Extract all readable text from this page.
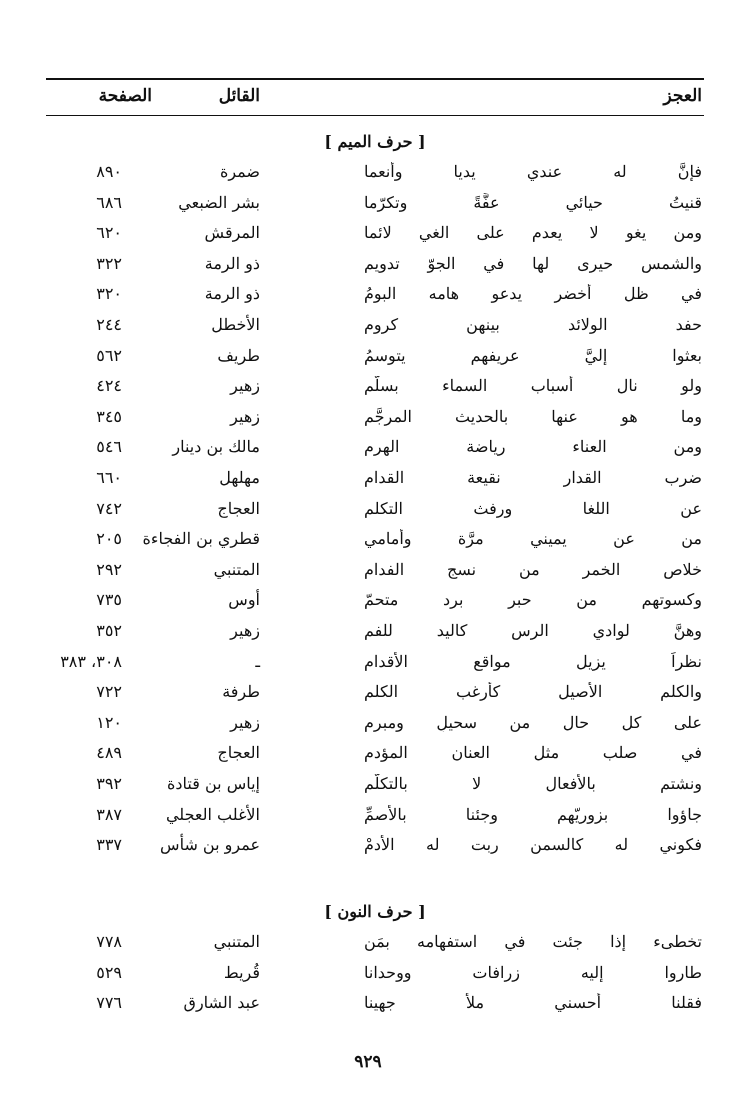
العجز
القائل
الصفحة
[ حرف الميم ]
فإنَّ له عندي يديا وأنعما
ضمرة
٨٩٠
قنيتُ حيائي عفَّةً وتكرّما
بشر الضبعي
٦٨٦
ومن يغو لا يعدم على الغي لائما
المرقش
٦٢٠
والشمس حيرى لها في الجوّ تدويم
ذو الرمة
٣٢٢
في ظل أخضر يدعو هامه البومُ
ذو الرمة
٣٢٠
حفد الولائد بينهن كروم
الأخطل
٢٤٤
بعثوا إليَّ عريفهم يتوسمُ
طريف
٥٦٢
ولو نال أسباب السماء بسلَّمِ
زهير
٤٢٤
وما هو عنها بالحديث المرجَّمِ
زهير
٣٤٥
ومن العناء رياضة الهرمِ
مالك بن دينار
٥٤٦
ضرب القدار نقيعة القدامِ
مهلهل
٦٦٠
عن اللغا ورفث التكلم
العجاج
٧٤٢
من عن يميني مرَّة وأمامي
قطري بن الفجاءة
٢٠٥
خلاص الخمر من نسج الفدام
المتنبي
٢٩٢
وكسوتهم من حبر برد متحمّ
أوس
٧٣٥
وهنَّ لوادي الرس كاليد للفمِ
زهير
٣٥٢
نظراً يزيل مواقع الأقدام
ـ
٣٠٨، ٣٨٣
والكلم الأصيل كأرغب الكلمِ
طرفة
٧٢٢
على كل حال من سحيلٍ ومبرم
زهير
١٢٠
في صلب مثل العنان المؤدم
العجاج
٤٨٩
ونشتم بالأفعال لا بالتكلّمِ
إياس بن قتادة
٣٩٢
جاؤوا بزوريّهم وجئنا بالأصمِّ
الأغلب العجلي
٣٨٧
فكوني له كالسمن ربت له الأدمْ
عمرو بن شأس
٣٣٧
[ حرف النون ]
تخطىء إذا جئت في استفهامه بمَن
المتنبي
٧٧٨
طاروا إليه زرافات ووحدانا
قُريط
٥٢٩
فقلنا أحسني ملأ جهينا
عبد الشارق
٧٧٦
٩٢٩
